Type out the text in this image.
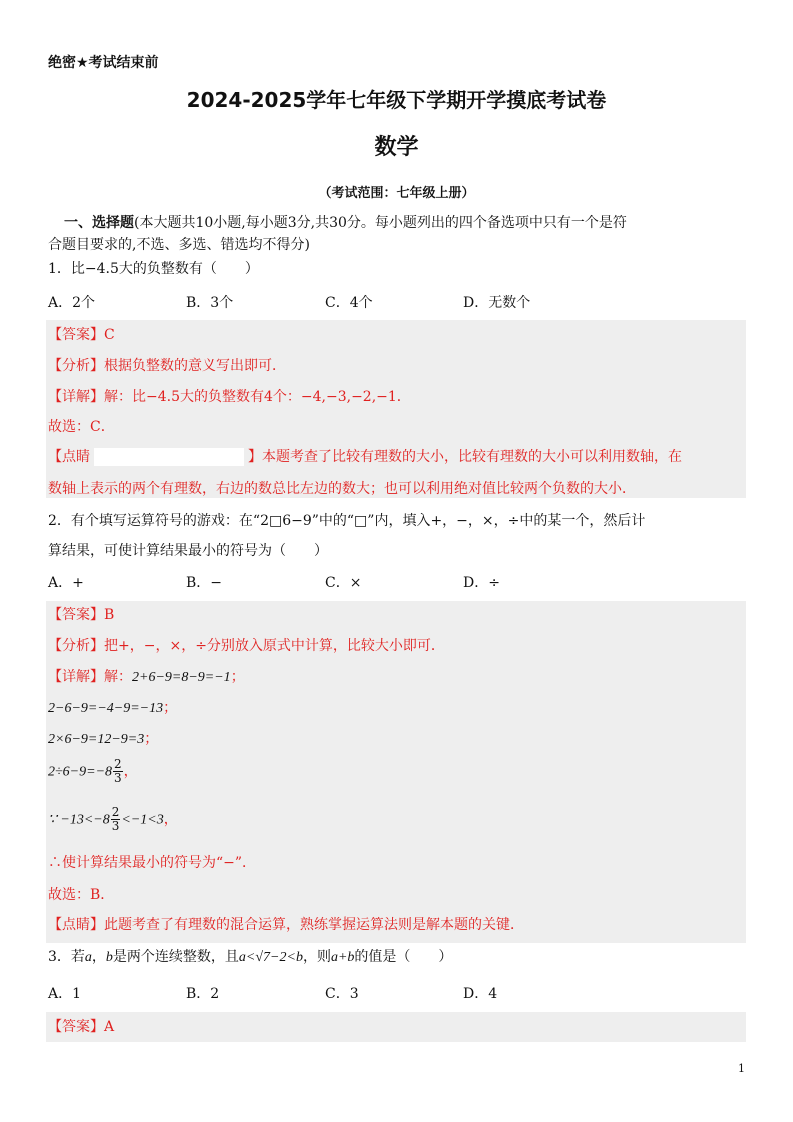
绝密★考试结束前
2024-2025学年七年级下学期开学摸底考试卷
数学
（考试范围：七年级上册）
一、选择题(本大题共10小题,每小题3分,共30分。每小题列出的四个备选项中只有一个是符
合题目要求的,不选、多选、错选均不得分)
1．比−4.5大的负整数有（　　）
A．2个	B．3个	C．4个	D．无数个
【答案】C
【分析】根据负整数的意义写出即可．
【详解】解：比−4.5大的负整数有4个：−4,−3,−2,−1．
故选：C．
【点睛	】本题考查了比较有理数的大小，比较有理数的大小可以利用数轴，在
数轴上表示的两个有理数，右边的数总比左边的数大；也可以利用绝对值比较两个负数的大小．
2．有个填写运算符号的游戏：在“2□6−9”中的“□”内，填入+，−，×，÷中的某一个，然后计
算结果，可使计算结果最小的符号为（　　）
A．+	B．−	C．×	D．÷
【答案】B
【分析】把+，−，×，÷分别放入原式中计算，比较大小即可．
【详解】解：2+6−9=8−9=−1；
2−6−9=−4−9=−13；
2×6−9=12−9=3；
$2\div 6-9=-8 \frac{2}{3}$ ，
∵ $-13<-8 \frac{2}{3} <-1<3$，
∴使计算结果最小的符号为“−”．
故选：B．
【点睛】此题考查了有理数的混合运算，熟练掌握运算法则是解本题的关键．
3．若a，b是两个连续整数，且a<√7−2<b，则a+b的值是（　　）
A．1	B．2	C．3	D．4
【答案】A
1
